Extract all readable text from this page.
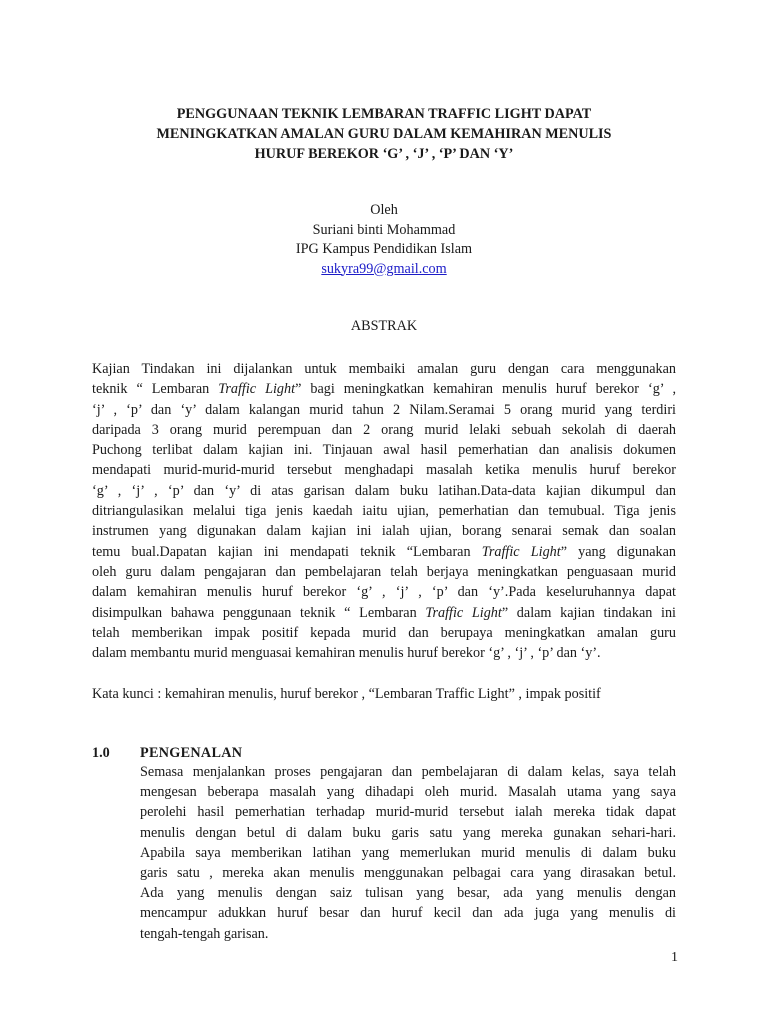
PENGGUNAAN TEKNIK LEMBARAN TRAFFIC LIGHT DAPAT
MENINGKATKAN AMALAN GURU DALAM KEMAHIRAN MENULIS
HURUF BEREKOR ‘G’ , ‘J’ , ‘P’ DAN ‘Y’
Oleh
Suriani binti Mohammad
IPG Kampus Pendidikan Islam
sukyra99@gmail.com
ABSTRAK
Kajian Tindakan ini dijalankan untuk membaiki amalan guru dengan cara menggunakan
teknik “ Lembaran Traffic Light” bagi meningkatkan kemahiran menulis huruf berekor ‘g’ ,
‘j’ , ‘p’ dan ‘y’ dalam kalangan murid tahun 2 Nilam.Seramai 5 orang murid yang terdiri
daripada 3 orang murid perempuan dan 2 orang murid lelaki sebuah sekolah di daerah
Puchong terlibat dalam kajian ini. Tinjauan awal hasil pemerhatian dan analisis dokumen
mendapati murid-murid-murid tersebut menghadapi masalah ketika menulis huruf berekor
‘g’ , ‘j’ , ‘p’ dan ‘y’ di atas garisan dalam buku latihan.Data-data kajian dikumpul dan
ditriangulasikan melalui tiga jenis kaedah iaitu ujian, pemerhatian dan temubual. Tiga jenis
instrumen yang digunakan dalam kajian ini ialah ujian, borang senarai semak dan soalan
temu bual.Dapatan kajian ini mendapati teknik “Lembaran Traffic Light” yang digunakan
oleh guru dalam pengajaran dan pembelajaran telah berjaya meningkatkan penguasaan murid
dalam kemahiran menulis huruf berekor ‘g’ , ‘j’ , ‘p’ dan ‘y’.Pada keseluruhannya dapat
disimpulkan bahawa penggunaan teknik “ Lembaran Traffic Light” dalam kajian tindakan ini
telah memberikan impak positif kepada murid dan berupaya meningkatkan amalan guru
dalam membantu murid menguasai kemahiran menulis huruf berekor ‘g’ , ‘j’ , ‘p’ dan ‘y’.
Kata kunci : kemahiran menulis, huruf berekor , “Lembaran Traffic Light” , impak positif
1.0 PENGENALAN
Semasa menjalankan proses pengajaran dan pembelajaran di dalam kelas, saya telah
mengesan beberapa masalah yang dihadapi oleh murid. Masalah utama yang saya
perolehi hasil pemerhatian terhadap murid-murid tersebut ialah mereka tidak dapat
menulis dengan betul di dalam buku garis satu yang mereka gunakan sehari-hari.
Apabila saya memberikan latihan yang memerlukan murid menulis di dalam buku
garis satu , mereka akan menulis menggunakan pelbagai cara yang dirasakan betul.
Ada yang menulis dengan saiz tulisan yang besar, ada yang menulis dengan
mencampur adukkan huruf besar dan huruf kecil dan ada juga yang menulis di
tengah-tengah garisan.
1
